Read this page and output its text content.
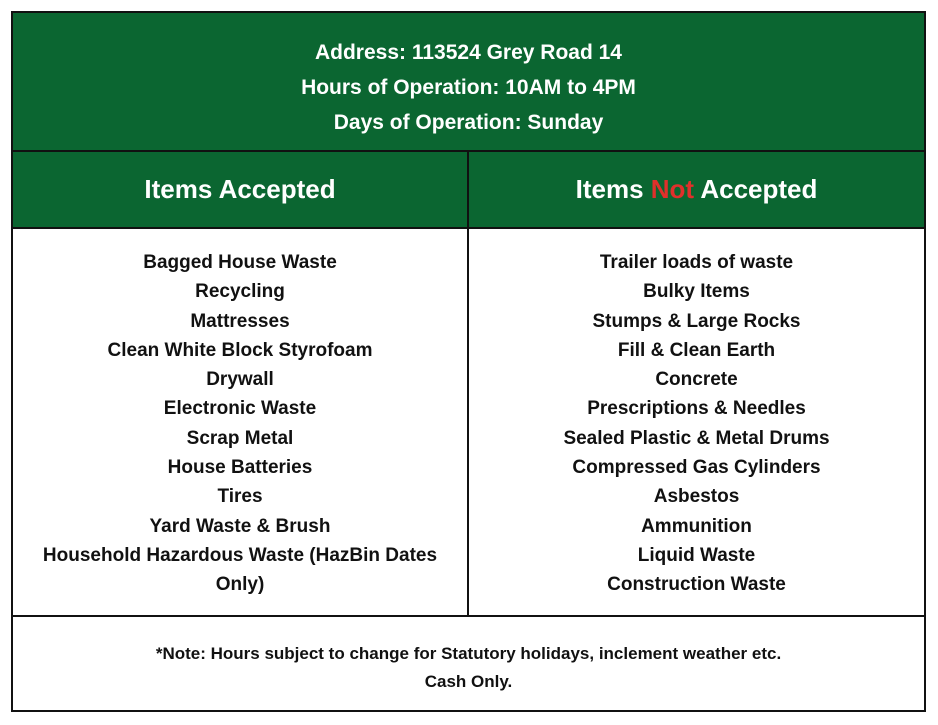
Address: 113524 Grey Road 14
Hours of Operation: 10AM to 4PM
Days of Operation: Sunday
Items Accepted	Items Not Accepted
Bagged House Waste
Recycling
Mattresses
Clean White Block Styrofoam
Drywall
Electronic Waste
Scrap Metal
House Batteries
Tires
Yard Waste & Brush
Household Hazardous Waste (HazBin Dates Only)
Trailer loads of waste
Bulky Items
Stumps & Large Rocks
Fill & Clean Earth
Concrete
Prescriptions & Needles
Sealed Plastic & Metal Drums
Compressed Gas Cylinders
Asbestos
Ammunition
Liquid Waste
Construction Waste
*Note: Hours subject to change for Statutory holidays, inclement weather etc.
Cash Only.
